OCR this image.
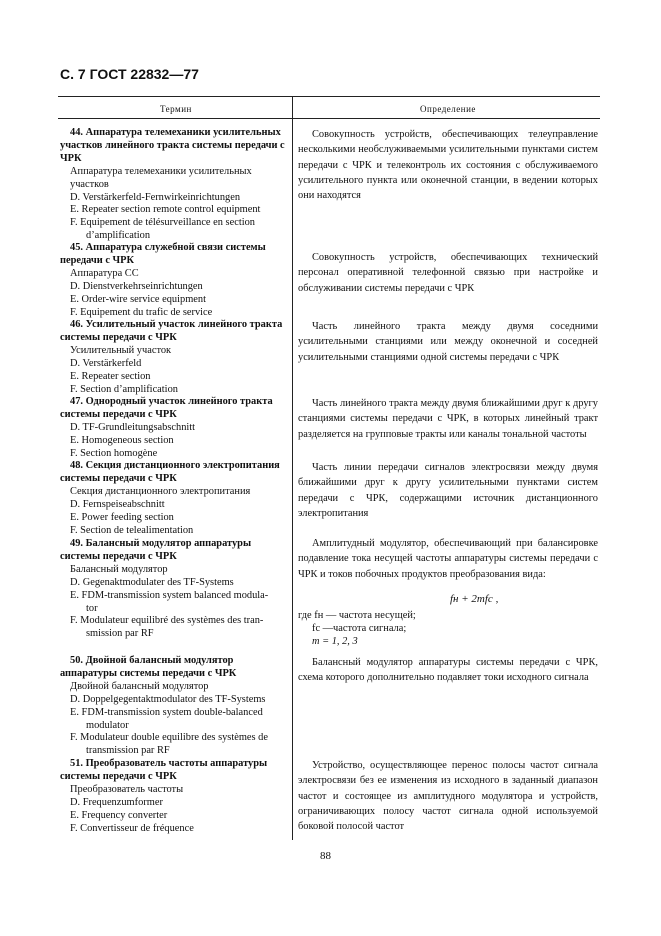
С. 7 ГОСТ 22832—77
Термин	Определение
44. Аппаратура телемеханики усилительных участков линейного тракта системы передачи с ЧРК
Аппаратура телемеханики усилительных участков
D. Verstärkerfeld-Fernwirkeinrichtungen
E. Repeater section remote control equipment
F. Equipement de télésurveillance en section
d’amplification
Совокупность устройств, обеспечивающих телеуправление несколькими необслуживаемыми усилительными пунктами систем передачи с ЧРК и телеконтроль их состояния с обслуживаемого усилительного пункта или оконечной станции, в ведении которых они находятся
45. Аппаратура служебной связи системы передачи с ЧРК
Аппаратура СС
D. Dienstverkehrseinrichtungen
E. Order-wire service equipment
F. Equipement du trafic de service
Совокупность устройств, обеспечивающих технический персонал оперативной телефонной связью при настройке и обслуживании системы передачи с ЧРК
46. Усилительный участок линейного тракта системы передачи с ЧРК
Усилительный участок
D. Verstärkerfeld
E. Repeater section
F. Section d’amplification
Часть линейного тракта между двумя соседними усилительными станциями или между оконечной и соседней усилительными станциями одной системы передачи с ЧРК
47. Однородный участок линейного тракта системы передачи с ЧРК
D. TF-Grundleitungsabschnitt
E. Homogeneous section
F. Section homogène
Часть линейного тракта между двумя ближайшими друг к другу станциями системы передачи с ЧРК, в которых линейный тракт разделяется на групповые тракты или каналы тональной частоты
48. Секция дистанционного электропитания системы передачи с ЧРК
Секция дистанционного электропитания
D. Fernspeiseabschnitt
E. Power feeding section
F. Section de telealimentation
Часть линии передачи сигналов электросвязи между двумя ближайшими друг к другу усилительными пунктами систем передачи с ЧРК, содержащими источник дистанционного электропитания
49. Балансный модулятор аппаратуры системы передачи с ЧРК
Балансный модулятор
D. Gegenaktmodulater des TF-Systems
E. FDM-transmission system balanced modula-
tor
F. Modulateur equilibré des systèmes des tran-
smission par RF
Амплитудный модулятор, обеспечивающий при балансировке подавление тока несущей частоты аппаратуры системы передачи с ЧРК и токов побочных продуктов преобразования вида:
fн + 2mfc ,
где fн — частота несущей;
fc —частота сигнала;
m = 1, 2, 3
50. Двойной балансный модулятор аппаратуры системы передачи с ЧРК
Двойной балансный модулятор
D. Doppelgegentaktmodulator des TF-Systems
E. FDM-transmission system double-balanced
modulator
F. Modulateur double equilibre des systèmes de
transmission par RF
Балансный модулятор аппаратуры системы передачи с ЧРК, схема которого дополнительно подавляет токи исходного сигнала
51. Преобразователь частоты аппаратуры системы передачи с ЧРК
Преобразователь частоты
D. Frequenzumformer
E. Frequency converter
F. Convertisseur de fréquence
Устройство, осуществляющее перенос полосы частот сигнала электросвязи без ее изменения из исходного в заданный диапазон частот и состоящее из амплитудного модулятора и устройств, ограничивающих полосу частот сигнала одной используемой боковой полосой частот
88
